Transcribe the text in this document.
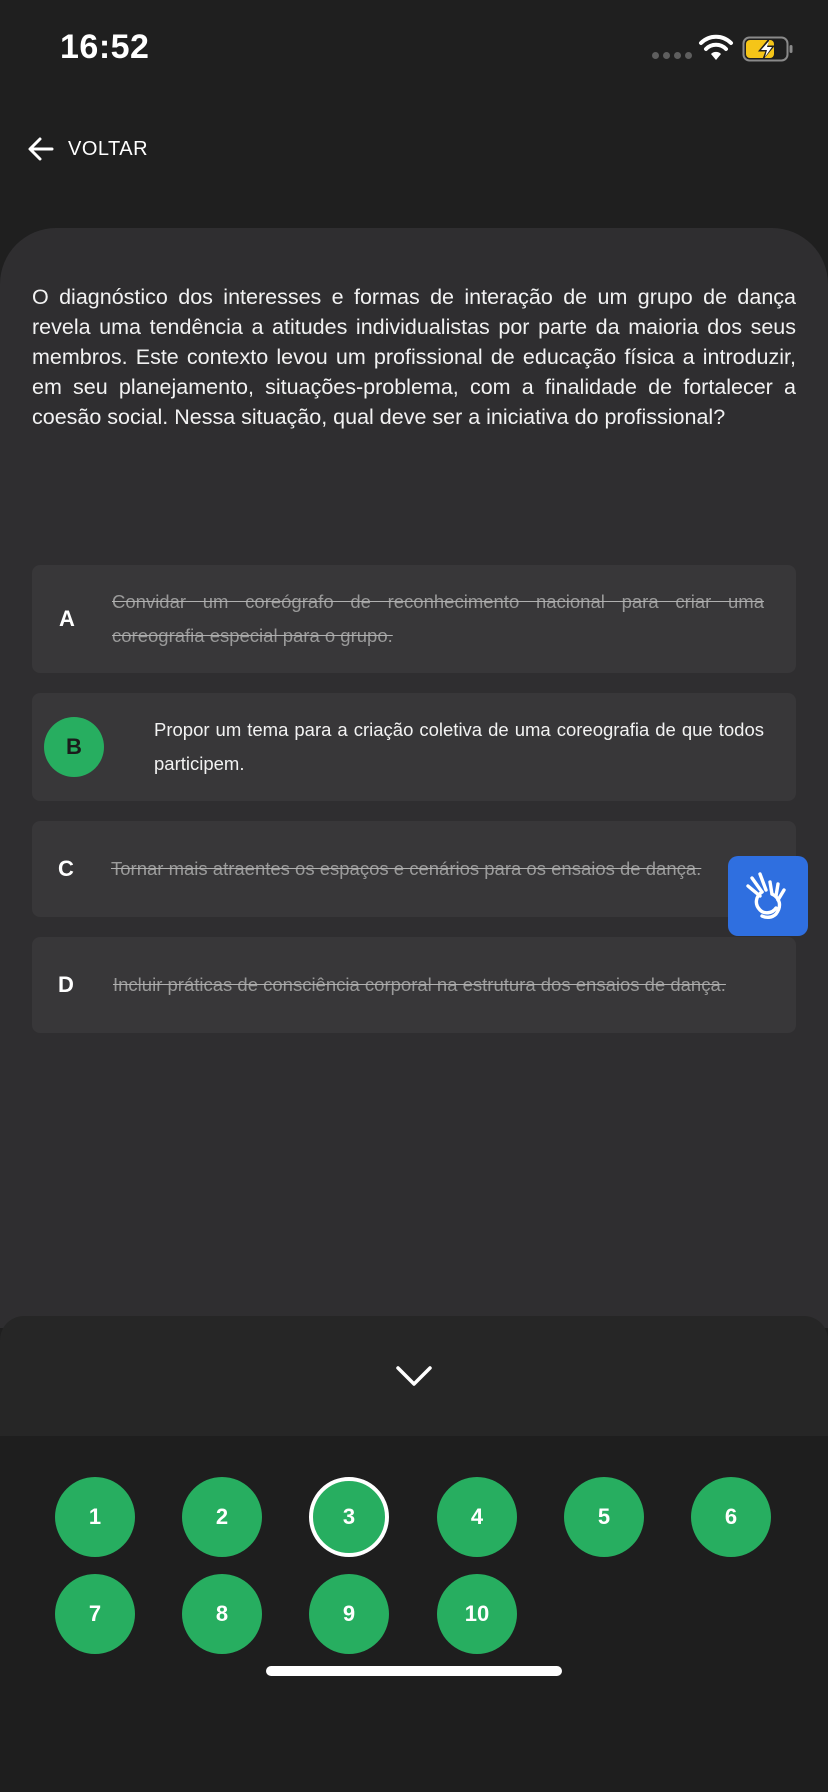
16:52
VOLTAR

O diagnóstico dos interesses e formas de interação de um grupo de dança revela uma tendência a atitudes individualistas por parte da maioria dos seus membros. Este contexto levou um profissional de educação física a introduzir, em seu planejamento, situações-problema, com a finalidade de fortalecer a coesão social. Nessa situação, qual deve ser a iniciativa do profissional?

A
Convidar um coreógrafo de reconhecimento nacional para criar uma coreografia especial para o grupo.
B
Propor um tema para a criação coletiva de uma coreografia de que todos participem.
C	Tornar mais atraentes os espaços e cenários para os ensaios de dança.
D	Incluir práticas de consciência corporal na estrutura dos ensaios de dança.
1	2	3	4	5	6
7	8	9	10
